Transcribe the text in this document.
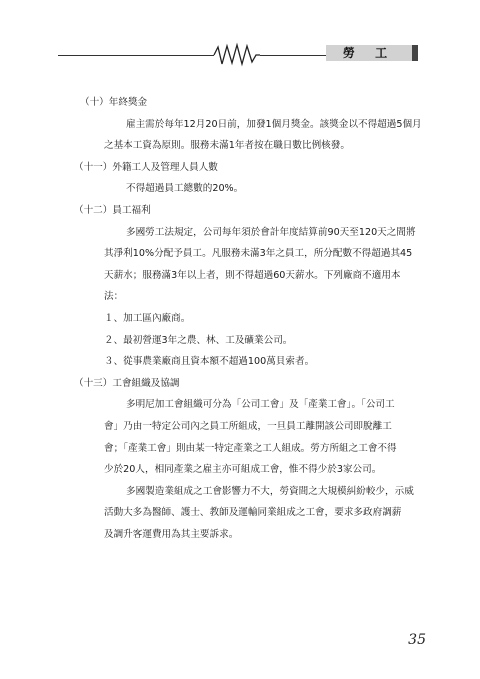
勞 工
（十）年終獎金
雇主需於每年12月20日前，加發1個月獎金。該獎金以不得超過5個月
之基本工資為原則。服務未滿1年者按在職日數比例核發。
（十一）外籍工人及管理人員人數
不得超過員工總數的20%。
（十二）員工福利
多國勞工法規定，公司每年須於會計年度結算前90天至120天之間將
其淨利10%分配予員工。凡服務未滿3年之員工，所分配數不得超過其45
天薪水；服務滿3年以上者，則不得超過60天薪水。下列廠商不適用本
法：
１、加工區內廠商。
２、最初營運3年之農、林、工及礦業公司。
３、從事農業廠商且資本額不超過100萬貝索者。
（十三）工會組織及協調
多明尼加工會組織可分為「公司工會」及「產業工會」。「公司工
會」乃由一特定公司內之員工所組成，一旦員工離開該公司即脫離工
會；「產業工會」則由某一特定產業之工人組成。勞方所組之工會不得
少於20人，相同產業之雇主亦可組成工會，惟不得少於3家公司。
多國製造業組成之工會影響力不大，勞資間之大規模糾紛較少，示威
活動大多為醫師、護士、教師及運輸同業組成之工會，要求多政府調薪
及調升客運費用為其主要訴求。
35
